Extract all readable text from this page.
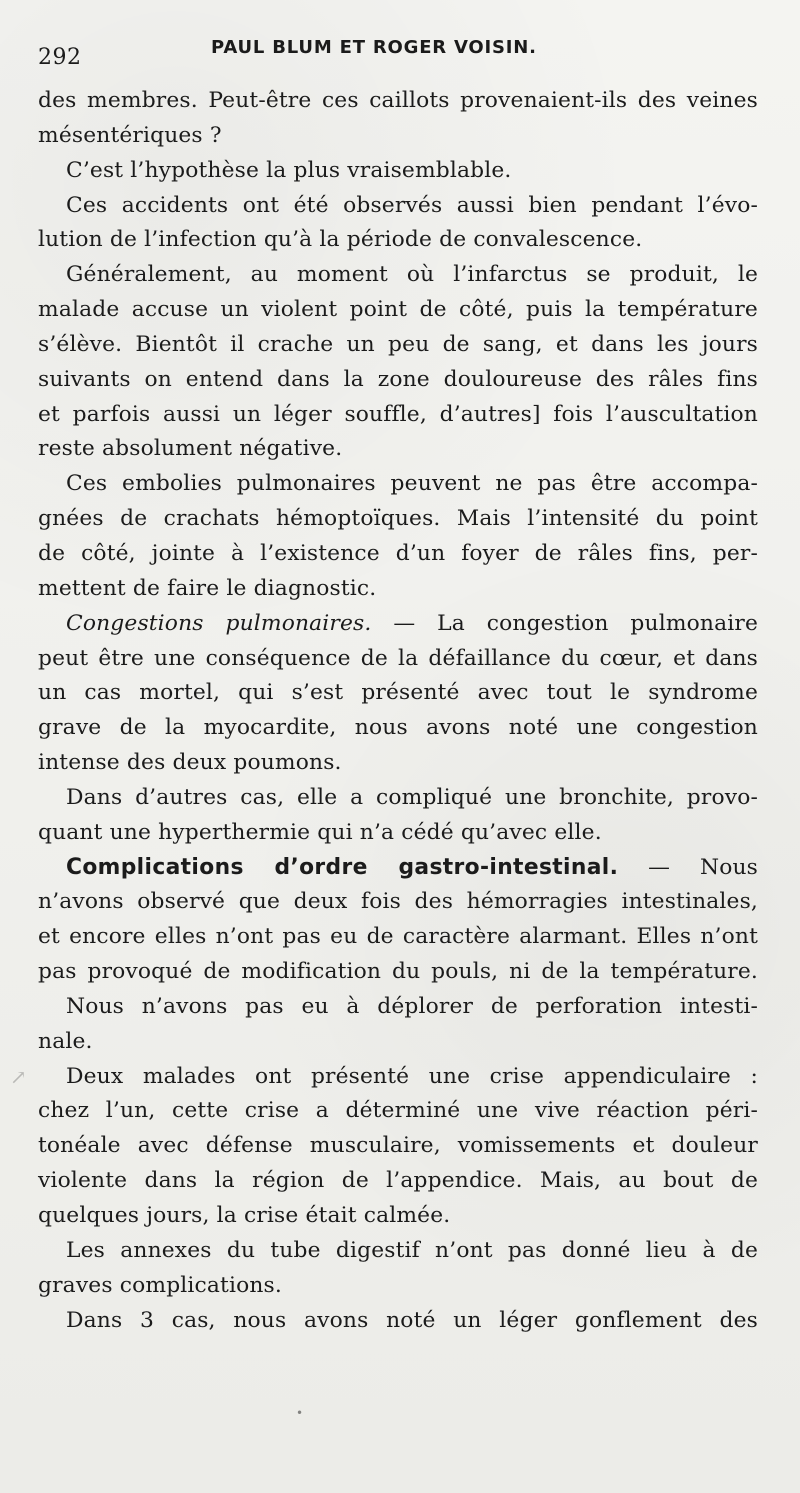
292	PAUL BLUM ET ROGER VOISIN.
des membres. Peut-être ces caillots provenaient-ils des veines
mésentériques ?
C’est l’hypothèse la plus vraisemblable.
Ces accidents ont été observés aussi bien pendant l’évo-
lution de l’infection qu’à la période de convalescence.
Généralement, au moment où l’infarctus se produit, le
malade accuse un violent point de côté, puis la température
s’élève. Bientôt il crache un peu de sang, et dans les jours
suivants on entend dans la zone douloureuse des râles fins
et parfois aussi un léger souffle, d’autres] fois l’auscultation
reste absolument négative.
Ces embolies pulmonaires peuvent ne pas être accompa-
gnées de crachats hémoptoïques. Mais l’intensité du point
de côté, jointe à l’existence d’un foyer de râles fins, per-
mettent de faire le diagnostic.
Congestions pulmonaires. — La congestion pulmonaire
peut être une conséquence de la défaillance du cœur, et dans
un cas mortel, qui s’est présenté avec tout le syndrome
grave de la myocardite, nous avons noté une congestion
intense des deux poumons.
Dans d’autres cas, elle a compliqué une bronchite, provo-
quant une hyperthermie qui n’a cédé qu’avec elle.
Complications d’ordre gastro-intestinal. — Nous
n’avons observé que deux fois des hémorragies intestinales,
et encore elles n’ont pas eu de caractère alarmant. Elles n’ont
pas provoqué de modification du pouls, ni de la température.
Nous n’avons pas eu à déplorer de perforation intesti-
nale.
Deux malades ont présenté une crise appendiculaire :
chez l’un, cette crise a déterminé une vive réaction péri-
tonéale avec défense musculaire, vomissements et douleur
violente dans la région de l’appendice. Mais, au bout de
quelques jours, la crise était calmée.
Les annexes du tube digestif n’ont pas donné lieu à de
graves complications.
Dans 3 cas, nous avons noté un léger gonflement des
↗
•
